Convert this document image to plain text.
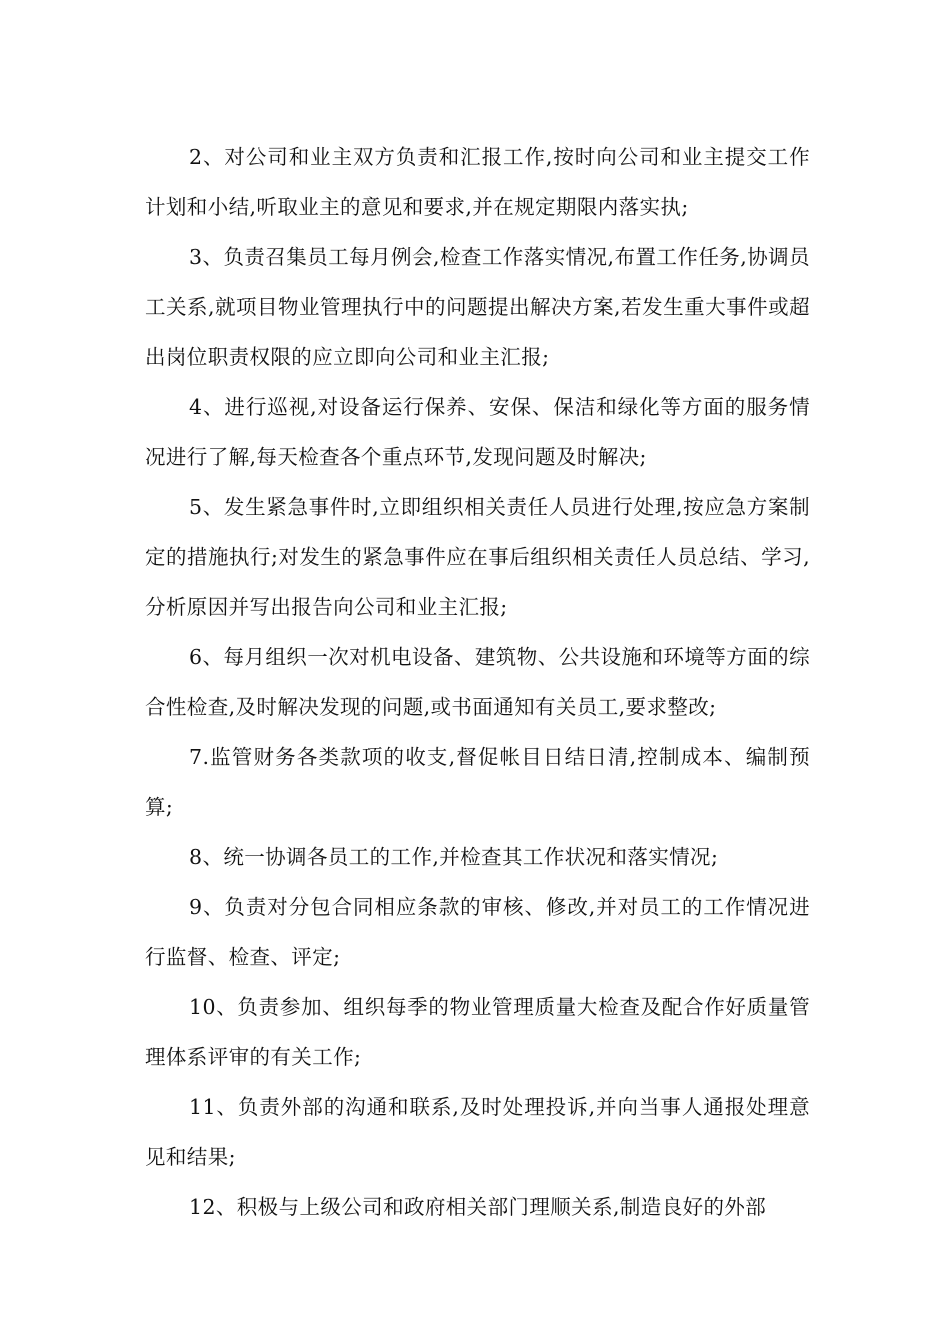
2、对公司和业主双方负责和汇报工作,按时向公司和业主提交工作计划和小结,听取业主的意见和要求,并在规定期限内落实执;

3、负责召集员工每月例会,检查工作落实情况,布置工作任务,协调员工关系,就项目物业管理执行中的问题提出解决方案,若发生重大事件或超出岗位职责权限的应立即向公司和业主汇报;

4、进行巡视,对设备运行保养、安保、保洁和绿化等方面的服务情况进行了解,每天检查各个重点环节,发现问题及时解决;

5、发生紧急事件时,立即组织相关责任人员进行处理,按应急方案制定的措施执行;对发生的紧急事件应在事后组织相关责任人员总结、学习,分析原因并写出报告向公司和业主汇报;

6、每月组织一次对机电设备、建筑物、公共设施和环境等方面的综合性检查,及时解决发现的问题,或书面通知有关员工,要求整改;

7.监管财务各类款项的收支,督促帐目日结日清,控制成本、编制预算;

8、统一协调各员工的工作,并检查其工作状况和落实情况;

9、负责对分包合同相应条款的审核、修改,并对员工的工作情况进行监督、检查、评定;

10、负责参加、组织每季的物业管理质量大检查及配合作好质量管理体系评审的有关工作;

11、负责外部的沟通和联系,及时处理投诉,并向当事人通报处理意见和结果;

12、积极与上级公司和政府相关部门理顺关系,制造良好的外部
